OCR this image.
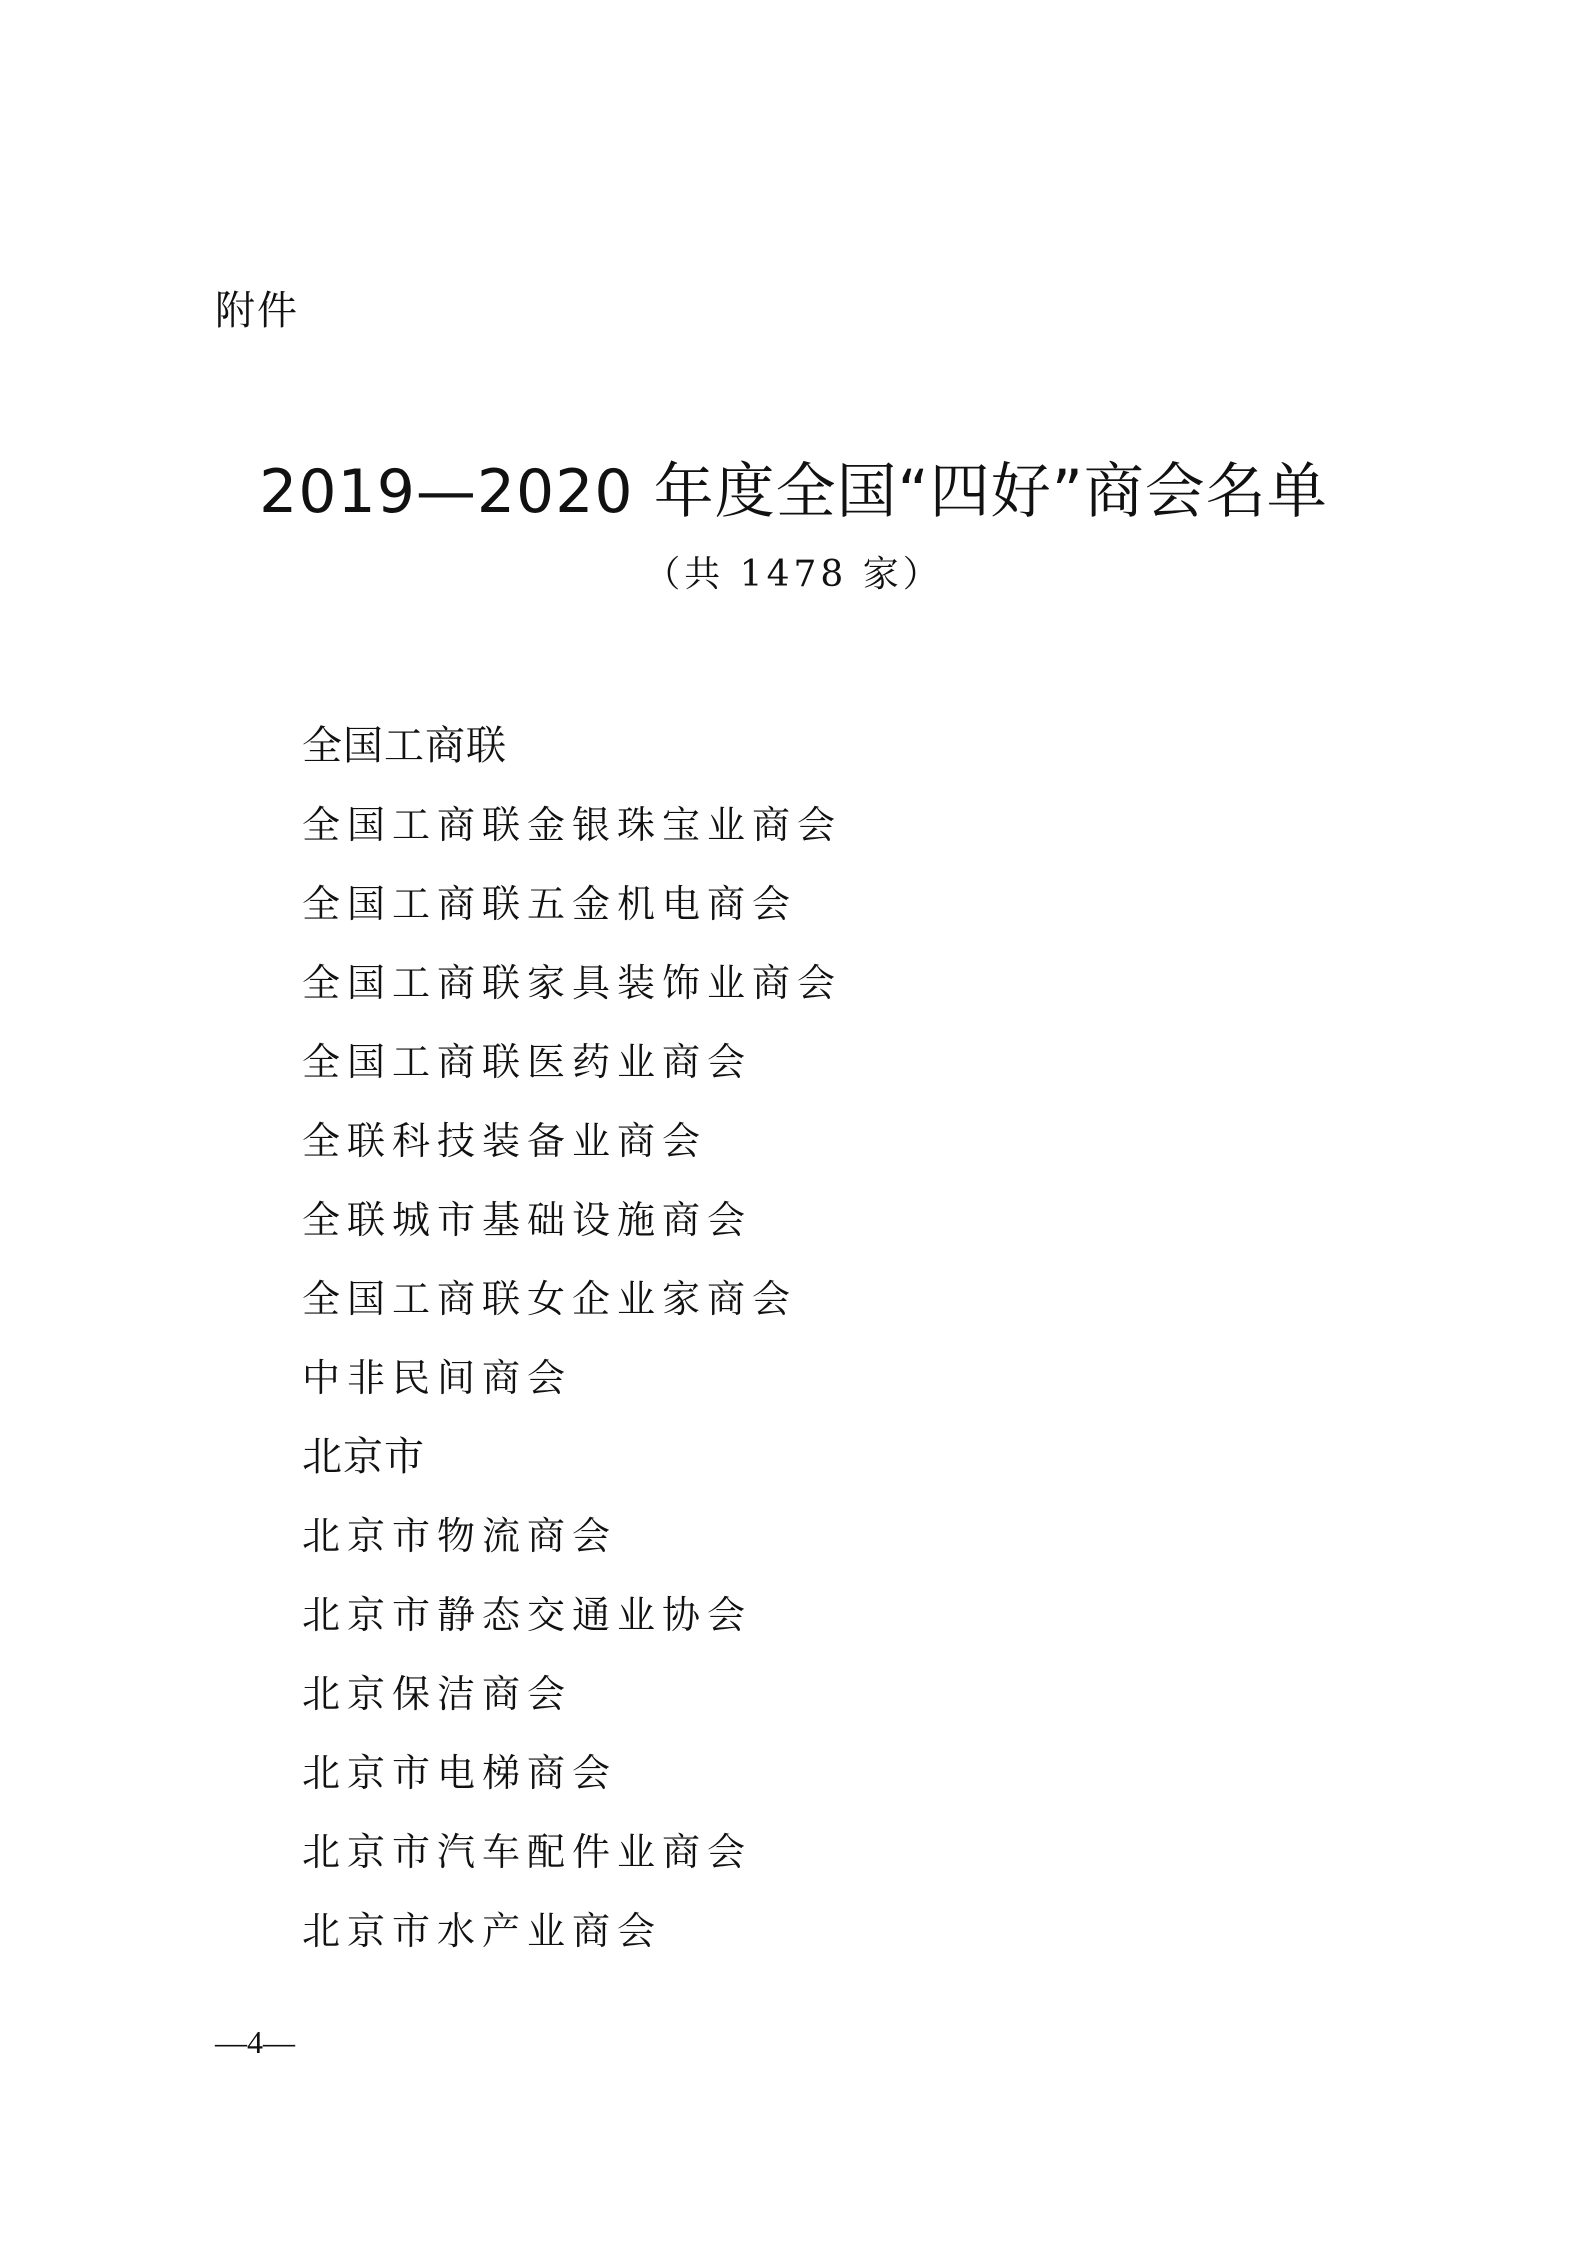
附件
2019—2020 年度全国“四好”商会名单
（共 1478 家）
全国工商联
全国工商联金银珠宝业商会
全国工商联五金机电商会
全国工商联家具装饰业商会
全国工商联医药业商会
全联科技装备业商会
全联城市基础设施商会
全国工商联女企业家商会
中非民间商会
北京市
北京市物流商会
北京市静态交通业协会
北京保洁商会
北京市电梯商会
北京市汽车配件业商会
北京市水产业商会
—4—
